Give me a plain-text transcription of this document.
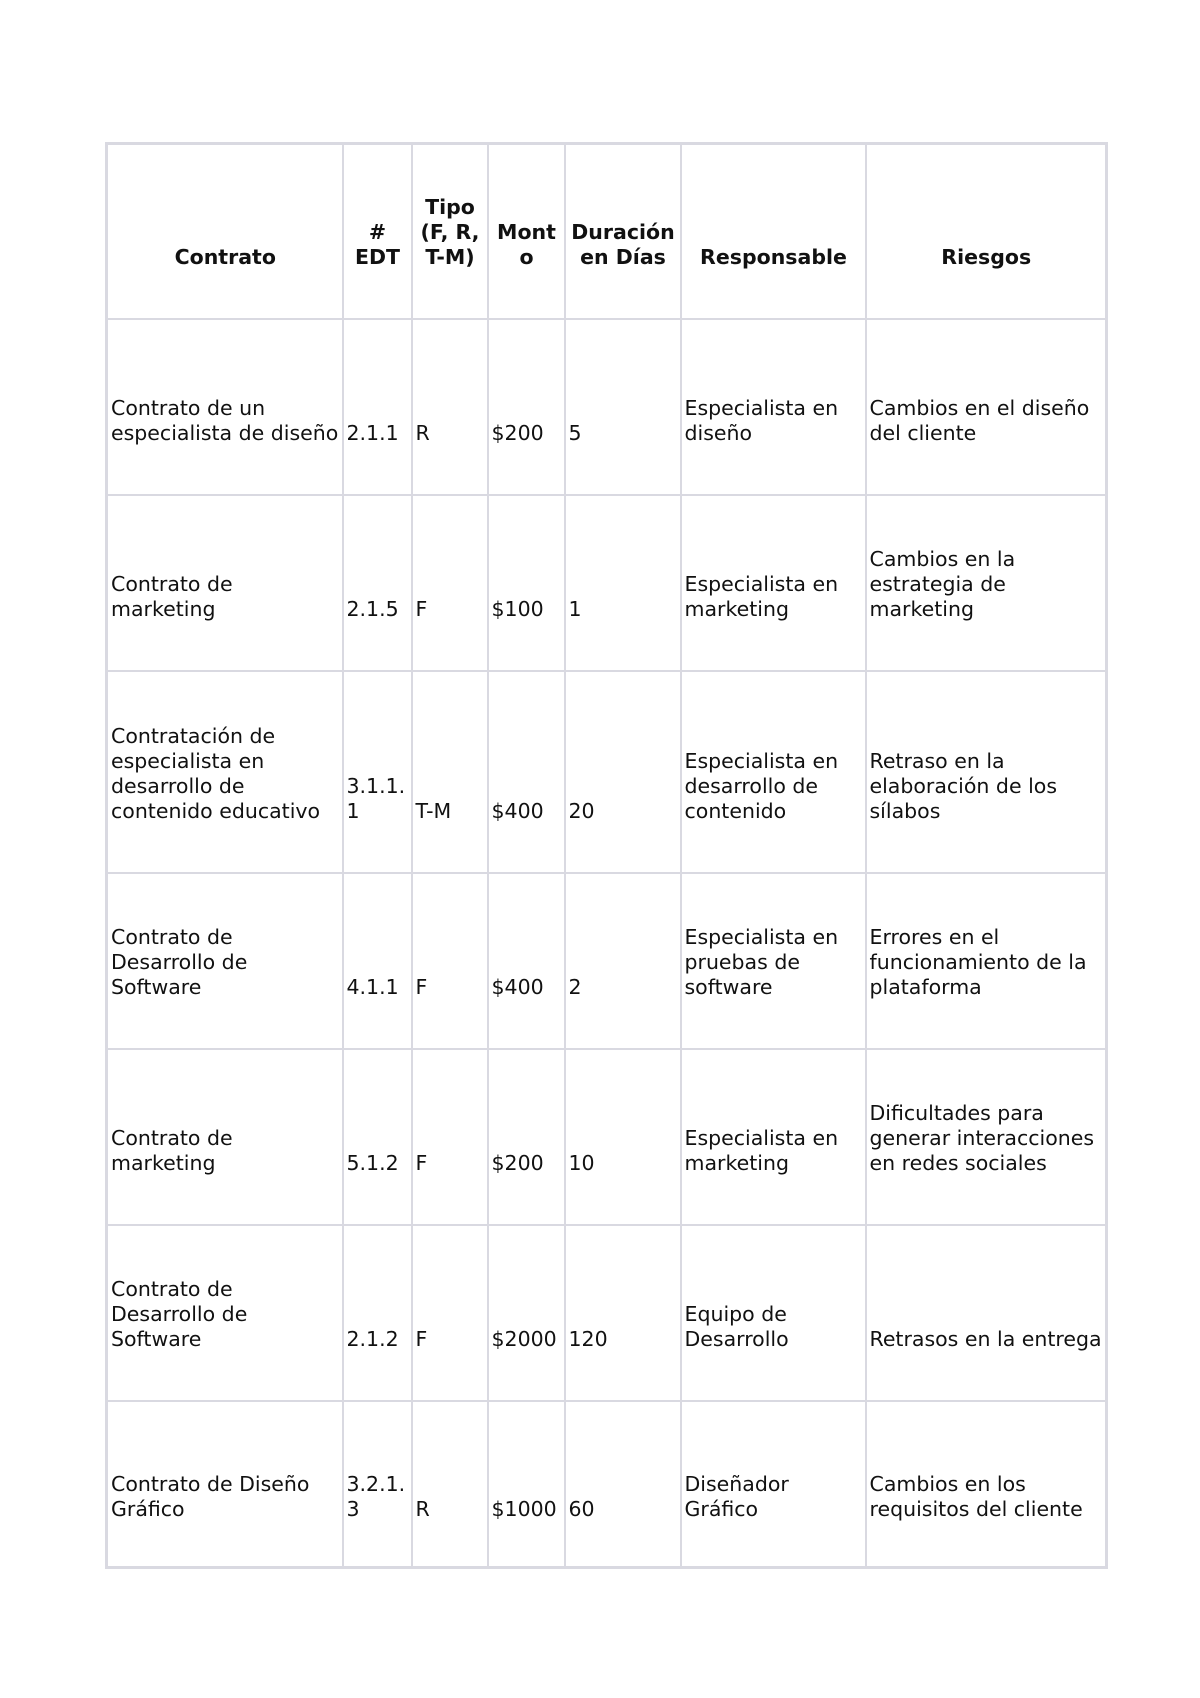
Contrato	# EDT	Tipo (F, R, T-M)	Mont o	Duración en Días	Responsable	Riesgos
Contrato de un especialista de diseño	2.1.1	R	$200	5	Especialista en diseño	Cambios en el diseño del cliente
Contrato de marketing	2.1.5	F	$100	1	Especialista en marketing	Cambios en la estrategia de marketing
Contratación de especialista en desarrollo de contenido educativo	3.1.1.1	T-M	$400	20	Especialista en desarrollo de contenido	Retraso en la elaboración de los sílabos
Contrato de Desarrollo de Software	4.1.1	F	$400	2	Especialista en pruebas de software	Errores en el funcionamiento de la plataforma
Contrato de marketing	5.1.2	F	$200	10	Especialista en marketing	Dificultades para generar interacciones en redes sociales
Contrato de Desarrollo de Software	2.1.2	F	$2000	120	Equipo de Desarrollo	Retrasos en la entrega
Contrato de Diseño Gráfico	3.2.1.3	R	$1000	60	Diseñador Gráfico	Cambios en los requisitos del cliente
